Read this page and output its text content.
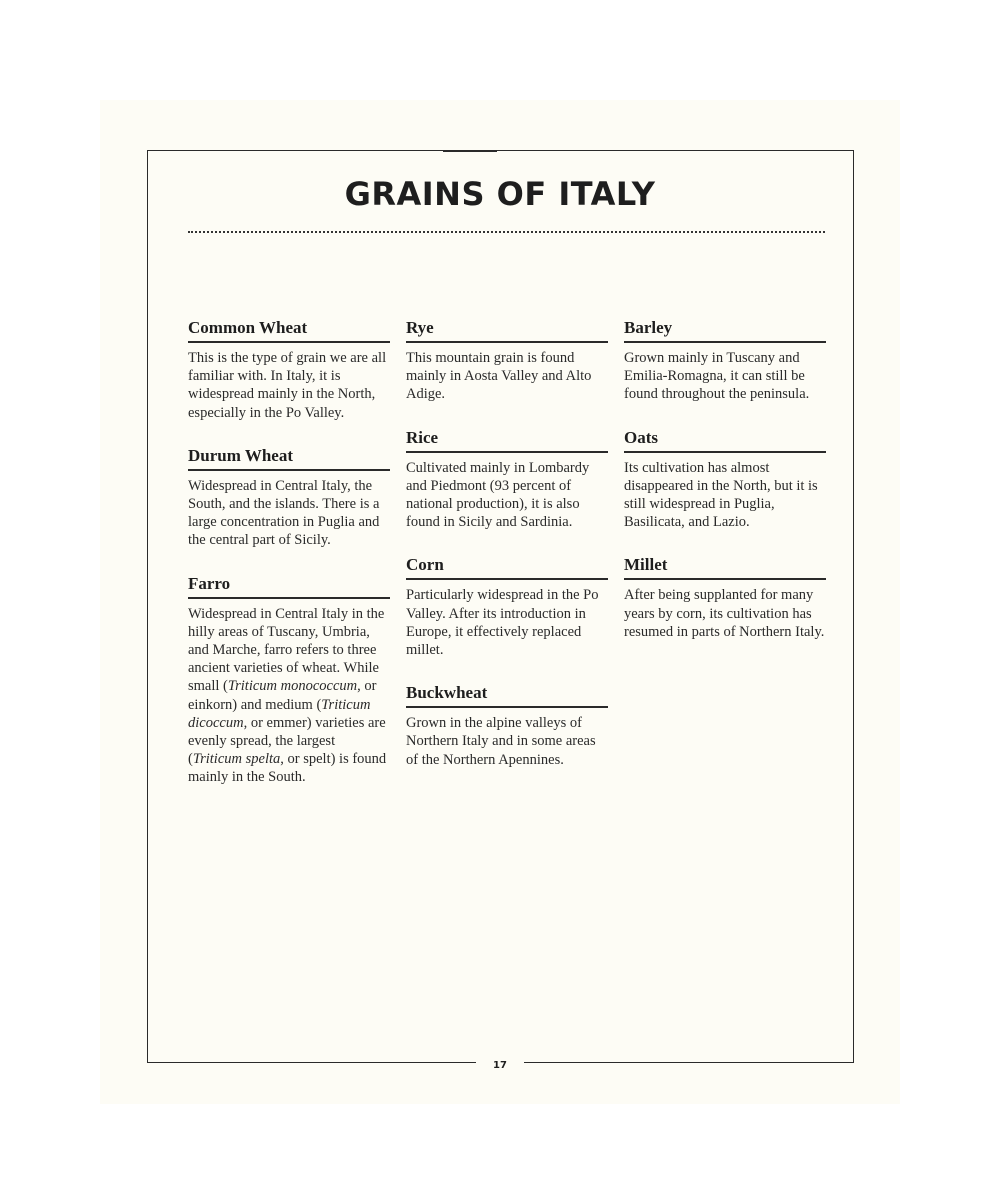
GRAINS OF ITALY
Common Wheat

This is the type of grain we are all familiar with. In Italy, it is widespread mainly in the North, especially in the Po Valley.

Durum Wheat

Widespread in Central Italy, the South, and the islands. There is a large concentration in Puglia and the central part of Sicily.

Farro

Widespread in Central Italy in the hilly areas of Tuscany, Umbria, and Marche, farro refers to three ancient varieties of wheat. While small (Triticum monococcum, or einkorn) and medium (Triticum dicoccum, or emmer) varieties are evenly spread, the largest (Triticum spelta, or spelt) is found mainly in the South.

Rye

This mountain grain is found mainly in Aosta Valley and Alto Adige.

Rice

Cultivated mainly in Lombardy and Piedmont (93 percent of national production), it is also found in Sicily and Sardinia.

Corn

Particularly widespread in the Po Valley. After its introduction in Europe, it effectively replaced millet.

Buckwheat

Grown in the alpine valleys of Northern Italy and in some areas of the Northern Apennines.

Barley

Grown mainly in Tuscany and Emilia-Romagna, it can still be found throughout the peninsula.

Oats

Its cultivation has almost disappeared in the North, but it is still widespread in Puglia, Basilicata, and Lazio.

Millet

After being supplanted for many years by corn, its cultivation has resumed in parts of Northern Italy.

17
